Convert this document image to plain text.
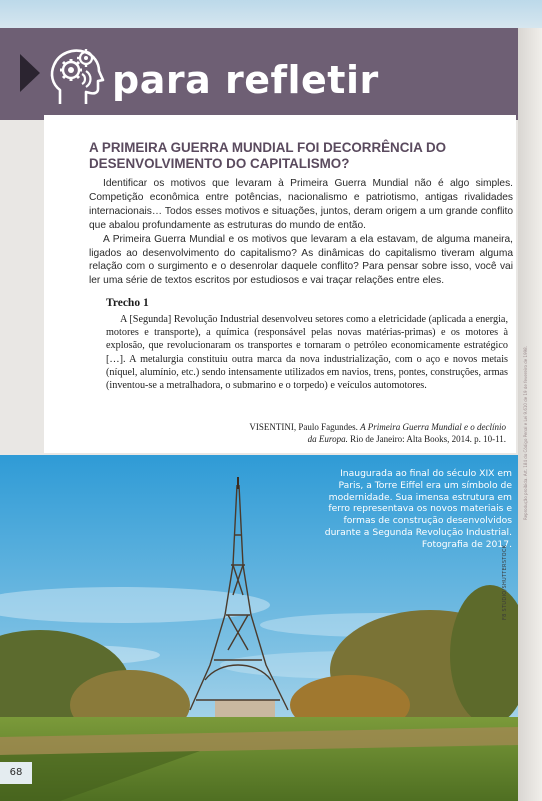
para refletir
A PRIMEIRA GUERRA MUNDIAL FOI DECORRÊNCIA DO DESENVOLVIMENTO DO CAPITALISMO?

Identificar os motivos que levaram à Primeira Guerra Mundial não é algo simples. Competição econômica entre potências, nacionalismo e patriotismo, antigas rivalidades internacionais… Todos esses motivos e situações, juntos, deram origem a um grande conflito que abalou profundamente as estruturas do mundo de então.

A Primeira Guerra Mundial e os motivos que levaram a ela estavam, de alguma maneira, ligados ao desenvolvimento do capitalismo? As dinâmicas do capitalismo tiveram alguma relação com o surgimento e o desenrolar daquele conflito? Para pensar sobre isso, você vai ler uma série de textos escritos por estudiosos e vai traçar relações entre eles.

Trecho 1

A [Segunda] Revolução Industrial desenvolveu setores como a eletricidade (aplicada a energia, motores e transporte), a química (responsável pelas novas matérias-primas) e os motores à explosão, que revolucionaram os transportes e tornaram o petróleo economicamente estratégico […]. A metalurgia constituiu outra marca da nova industrialização, com o aço e novos metais (níquel, alumínio, etc.) sendo intensamente utilizados em navios, trens, pontes, construções, armas (inventou-se a metralhadora, o submarino e o torpedo) e veículos automotores.

VISENTINI, Paulo Fagundes. A Primeira Guerra Mundial e o declínio da Europa. Rio de Janeiro: Alta Books, 2014. p. 10-11.
Inaugurada ao final do século XIX em Paris, a Torre Eiffel era um símbolo de modernidade. Sua imensa estrutura em ferro representava os novos materiais e formas de construção desenvolvidos durante a Segunda Revolução Industrial. Fotografia de 2017.
F8 STUDIO/SHUTTERSTOCK
Reprodução proibida. Art. 184 do Código Penal e Lei 9.610 de 19 de fevereiro de 1998.
68
